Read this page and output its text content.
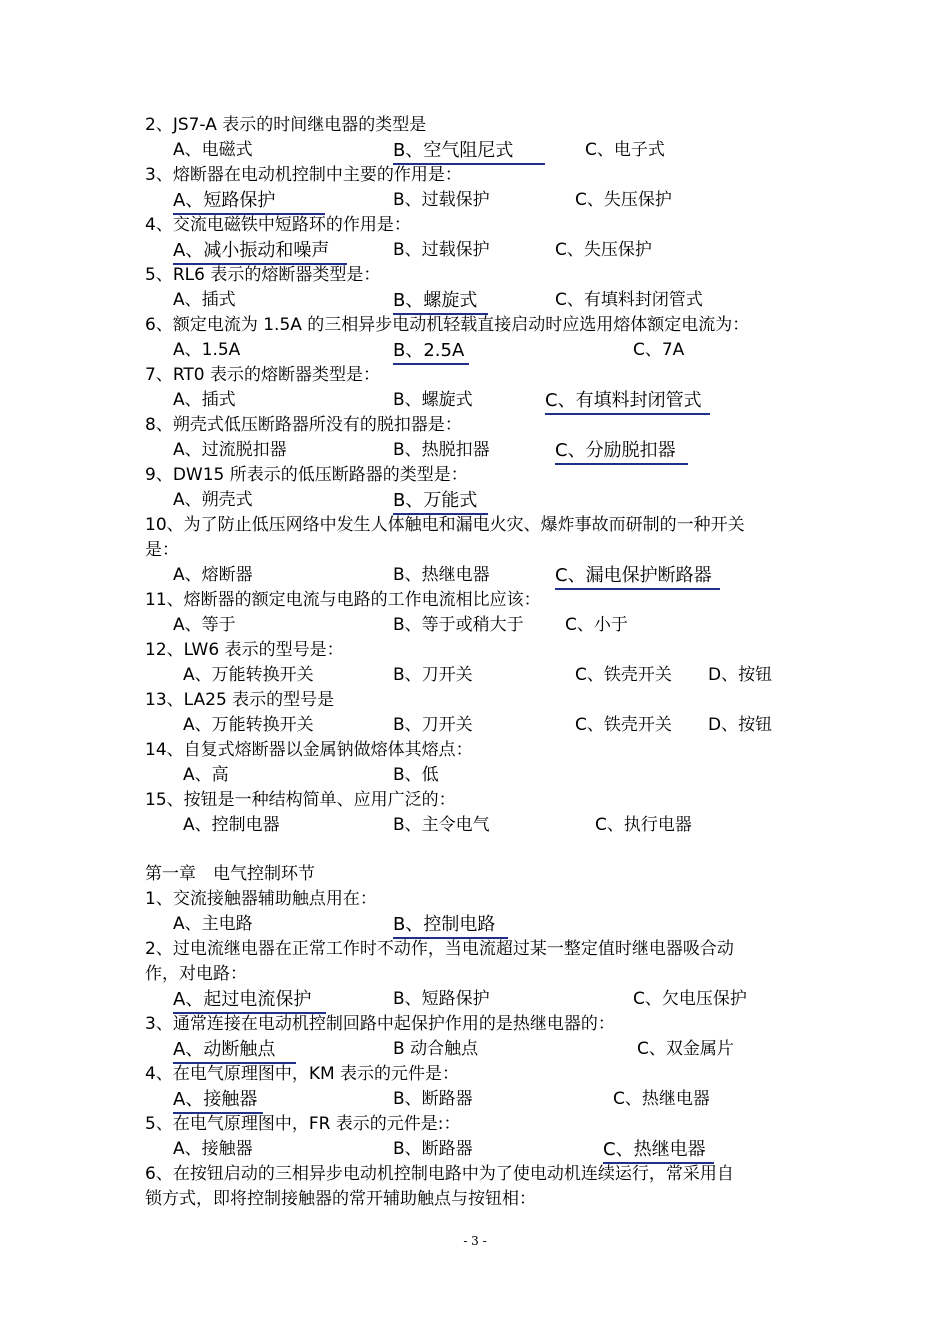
2、JS7-A 表示的时间继电器的类型是
A、电磁式	B、空气阻尼式	C、电子式
3、熔断器在电动机控制中主要的作用是：
A、短路保护	B、过载保护	C、失压保护
4、交流电磁铁中短路环的作用是：
A、减小振动和噪声	B、过载保护	C、失压保护
5、RL6 表示的熔断器类型是：
A、插式	B、螺旋式	C、有填料封闭管式
6、额定电流为 1.5A 的三相异步电动机轻载直接启动时应选用熔体额定电流为：
A、1.5A	B、2.5A	C、7A
7、RT0 表示的熔断器类型是：
A、插式	B、螺旋式	C、有填料封闭管式
8、朔壳式低压断路器所没有的脱扣器是：
A、过流脱扣器	B、热脱扣器	C、分励脱扣器
9、DW15 所表示的低压断路器的类型是：
A、朔壳式	B、万能式
10、为了防止低压网络中发生人体触电和漏电火灾、爆炸事故而研制的一种开关
是：
A、熔断器	B、热继电器	C、漏电保护断路器
11、熔断器的额定电流与电路的工作电流相比应该：
A、等于	B、等于或稍大于 C、小于
12、LW6 表示的型号是：
A、万能转换开关	B、刀开关	C、铁壳开关 D、按钮
13、LA25 表示的型号是
A、万能转换开关	B、刀开关	C、铁壳开关 D、按钮
14、自复式熔断器以金属钠做熔体其熔点：
A、高	B、低
15、按钮是一种结构简单、应用广泛的：
A、控制电器	B、主令电气	C、执行电器
第一章　电气控制环节
1、交流接触器辅助触点用在：
A、主电路	B、控制电路
2、过电流继电器在正常工作时不动作，当电流超过某一整定值时继电器吸合动
作，对电路：
A、起过电流保护	B、短路保护	C、欠电压保护
3、通常连接在电动机控制回路中起保护作用的是热继电器的：
A、动断触点	B 动合触点	C、双金属片
4、在电气原理图中，KM 表示的元件是：
A、接触器	B、断路器	C、热继电器
5、在电气原理图中，FR 表示的元件是:：
A、接触器	B、断路器	C、热继电器
6、在按钮启动的三相异步电动机控制电路中为了使电动机连续运行，常采用自
锁方式，即将控制接触器的常开辅助触点与按钮相：
- 3 -
